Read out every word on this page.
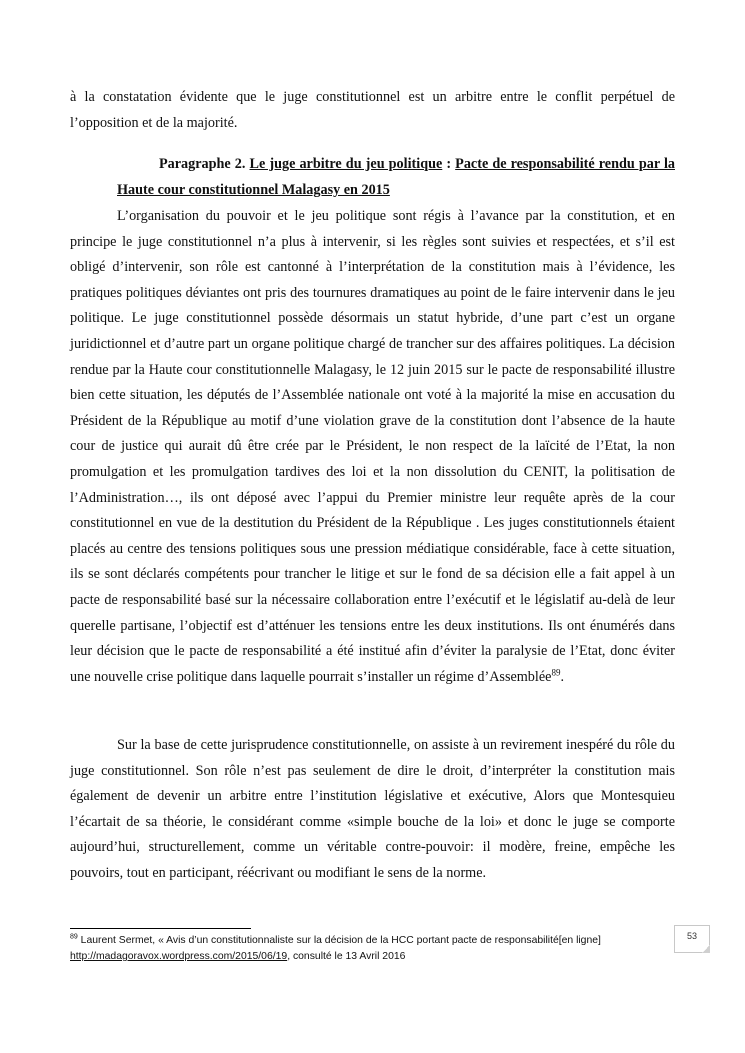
à la constatation évidente que le juge constitutionnel est un arbitre entre le conflit perpétuel de l’opposition et de la majorité.

Paragraphe 2. Le juge arbitre du jeu politique : Pacte de responsabilité rendu par la Haute cour constitutionnel Malagasy en 2015

L’organisation du pouvoir et le jeu politique sont régis à l’avance par la constitution, et en principe le juge constitutionnel n’a plus à intervenir, si les règles sont suivies et respectées, et s’il est obligé d’intervenir, son rôle est cantonné à l’interprétation de la constitution mais à l’évidence, les pratiques politiques déviantes ont pris des tournures dramatiques au point de le faire intervenir dans le jeu politique. Le juge constitutionnel possède désormais un statut hybride, d’une part c’est un organe juridictionnel et d’autre part un organe politique chargé de trancher sur des affaires politiques. La décision rendue par la Haute cour constitutionnelle Malagasy, le 12 juin 2015 sur le pacte de responsabilité illustre bien cette situation, les députés de l’Assemblée nationale ont voté à la majorité la mise en accusation du Président de la République au motif d’une violation grave de la constitution dont l’absence de la haute cour de justice qui aurait dû être crée par le Président, le non respect de la laïcité de l’Etat, la non promulgation et les promulgation tardives des loi et la non dissolution du CENIT, la politisation de l’Administration…, ils ont déposé avec l’appui du Premier ministre leur requête après de la cour constitutionnel en vue de la destitution du Président de la République . Les juges constitutionnels étaient placés au centre des tensions politiques sous une pression médiatique considérable, face à cette situation, ils se sont déclarés compétents pour trancher le litige et sur le fond de sa décision elle a fait appel à un pacte de responsabilité basé sur la nécessaire collaboration entre l’exécutif et le législatif au-delà de leur querelle partisane, l’objectif est d’atténuer les tensions entre les deux institutions. Ils ont énumérés dans leur décision que le pacte de responsabilité a été institué afin d’éviter la paralysie de l’Etat, donc éviter une nouvelle crise politique dans laquelle pourrait s’installer un régime d’Assemblée$^{89}$.

Sur la base de cette jurisprudence constitutionnelle, on assiste à un revirement inespéré du rôle du juge constitutionnel. Son rôle n’est pas seulement de dire le droit, d’interpréter la constitution mais également de devenir un arbitre entre l’institution législative et exécutive, Alors que Montesquieu l’écartait de sa théorie, le considérant comme «simple bouche de la loi» et donc le juge se comporte aujourd’hui, structurellement, comme un véritable contre-pouvoir: il modère, freine, empêche les pouvoirs, tout en participant, réécrivant ou modifiant le sens de la norme.

$^{89}$ Laurent Sermet, « Avis d’un constitutionnaliste sur la décision de la HCC portant pacte de responsabilité[en ligne] http://madagoravox.wordpress.com/2015/06/19, consulté le 13 Avril 2016

53
